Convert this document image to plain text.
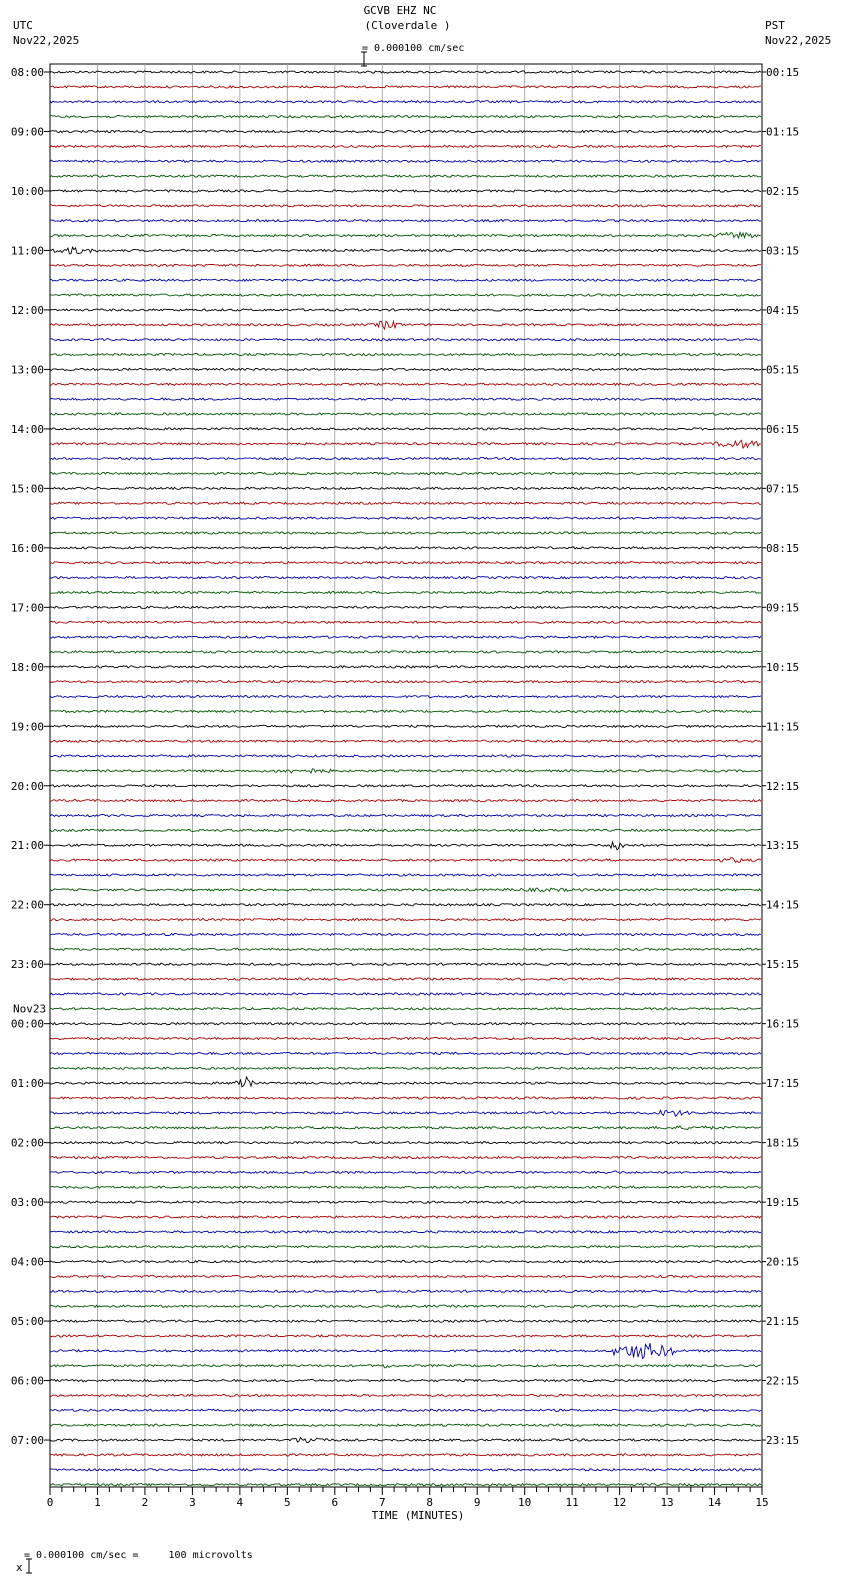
GCVB EHZ NC
(Cloverdale )

= 0.000100 cm/sec
UTC
Nov22,2025
PST
Nov22,2025
08:00
09:00
10:00
11:00
12:00
13:00
14:00
15:00
16:00
17:00
18:00
19:00
20:00
21:00
22:00
23:00
00:00
Nov23
01:00
02:00
03:00
04:00
05:00
06:00
07:00
00:15
01:15
02:15
03:15
04:15
05:15
06:15
07:15
08:15
09:15
10:15
11:15
12:15
13:15
14:15
15:15
16:15
17:15
18:15
19:15
20:15
21:15
22:15
23:15
0	1	2	3	4	5	6	7	8	9	10	11	12	13	14	15
TIME (MINUTES)

x

= 0.000100 cm/sec =     100 microvolts
